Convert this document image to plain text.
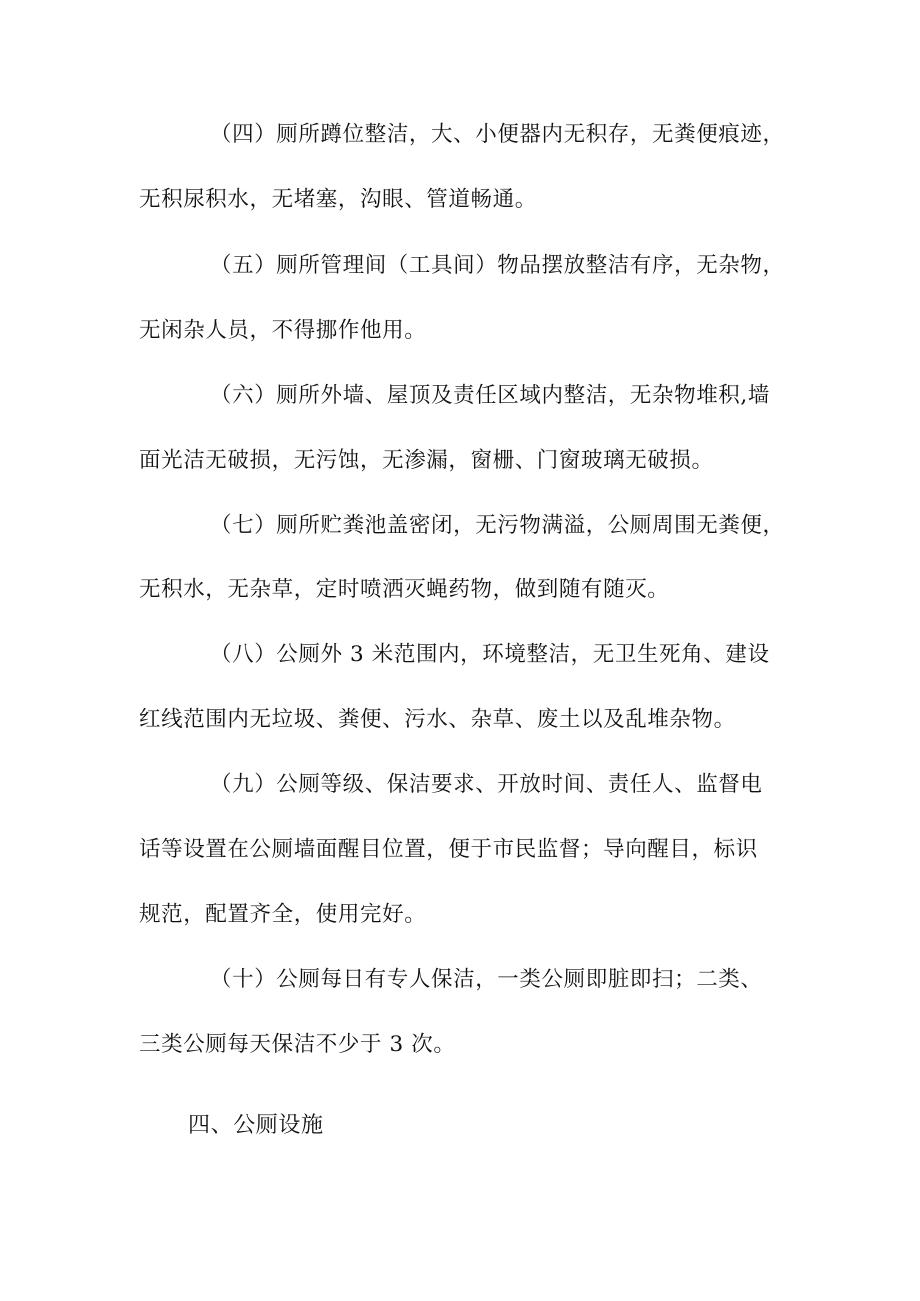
（四）厕所蹲位整洁，大、小便器内无积存，无粪便痕迹，
无积尿积水，无堵塞，沟眼、管道畅通。
（五）厕所管理间（工具间）物品摆放整洁有序，无杂物，
无闲杂人员，不得挪作他用。
（六）厕所外墙、屋顶及责任区域内整洁，无杂物堆积,墙
面光洁无破损，无污蚀，无渗漏，窗栅、门窗玻璃无破损。
（七）厕所贮粪池盖密闭，无污物满溢，公厕周围无粪便，
无积水，无杂草，定时喷洒灭蝇药物，做到随有随灭。
（八）公厕外 3 米范围内，环境整洁，无卫生死角、建设
红线范围内无垃圾、粪便、污水、杂草、废土以及乱堆杂物。
（九）公厕等级、保洁要求、开放时间、责任人、监督电
话等设置在公厕墙面醒目位置，便于市民监督；导向醒目，标识
规范，配置齐全，使用完好。
（十）公厕每日有专人保洁，一类公厕即脏即扫；二类、
三类公厕每天保洁不少于 3 次。
四、公厕设施
